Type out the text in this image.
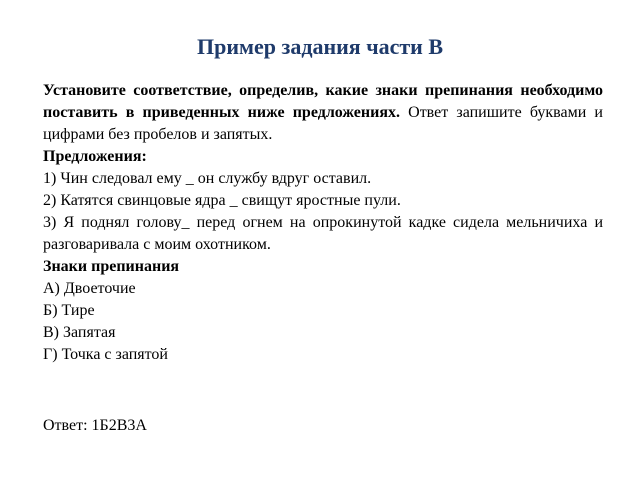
Пример задания части В

Установите соответствие, определив, какие знаки препинания необходимо поставить в приведенных ниже предложениях. Ответ запишите буквами и цифрами без пробелов и запятых.

Предложения:

1) Чин следовал ему _ он службу вдруг оставил.

2) Катятся свинцовые ядра _ свищут яростные пули.

3) Я поднял голову_ перед огнем на опрокинутой кадке сидела мельничиха и разговаривала с моим охотником.

Знаки препинания

А) Двоеточие

Б) Тире

В) Запятая

Г) Точка с запятой

Ответ: 1Б2В3А
